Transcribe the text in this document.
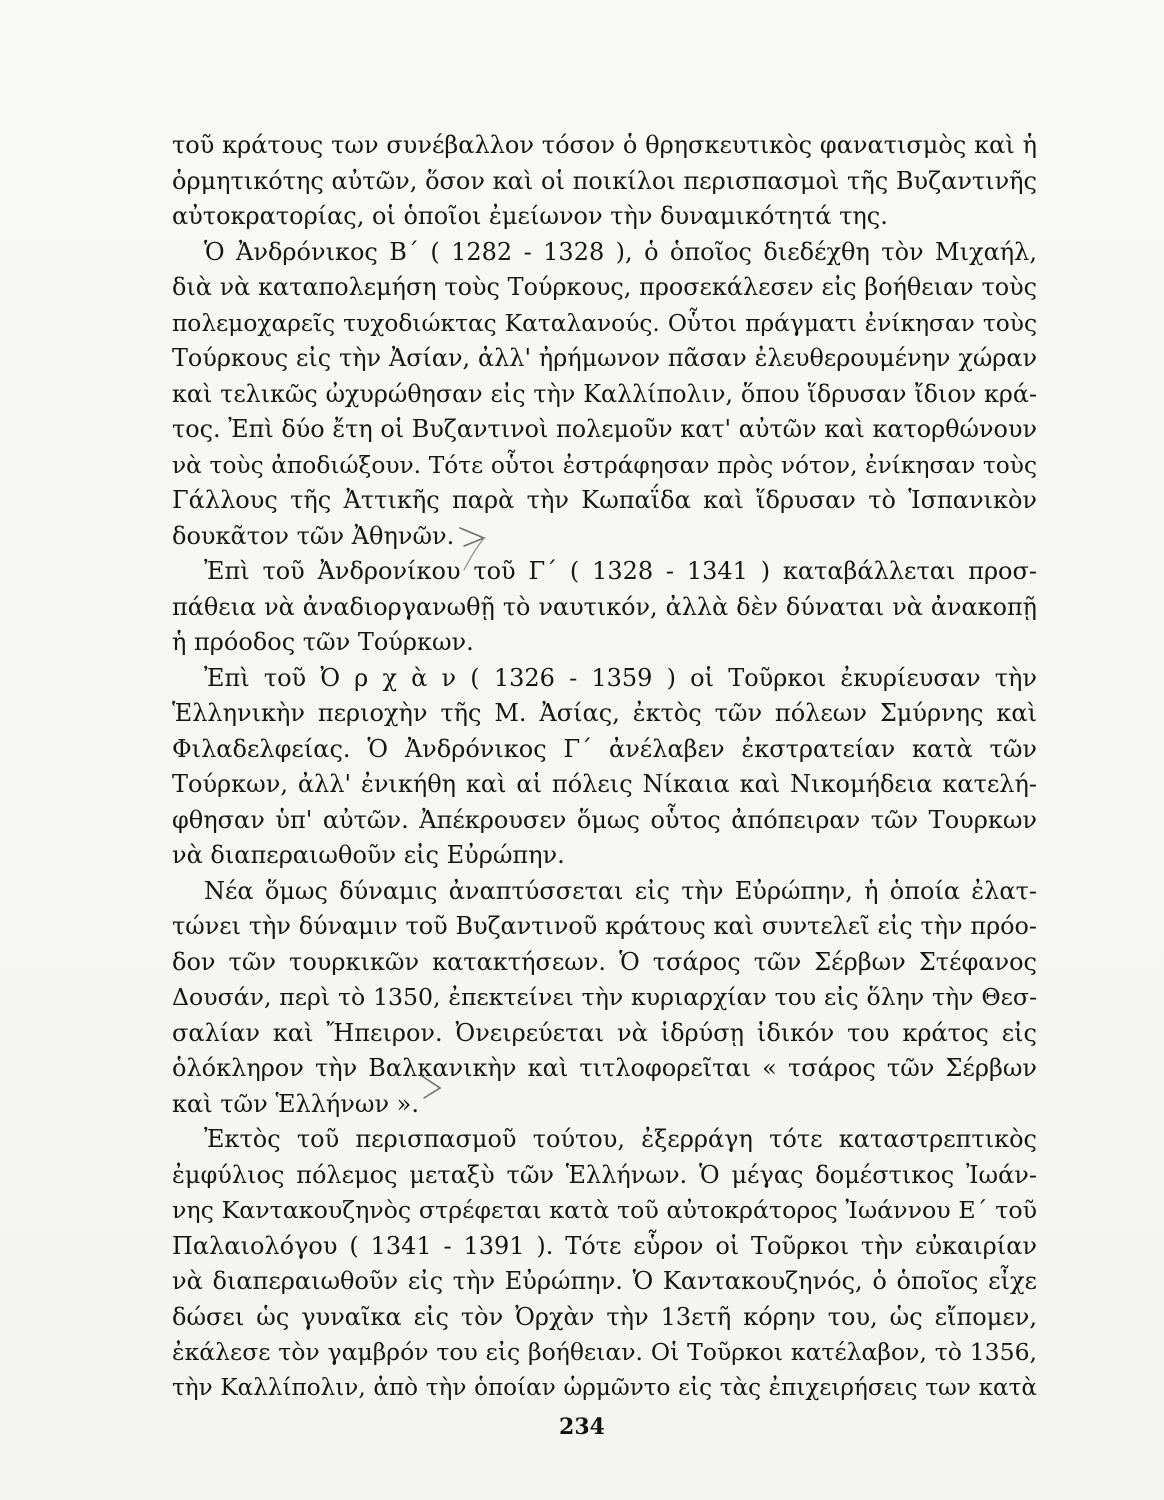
τοῦ κράτους των συνέβαλλον τόσον ὁ θρησκευτικὸς φανατισμὸς καὶ ἡ
ὁρμητικότης αὐτῶν, ὅσον καὶ οἱ ποικίλοι περισπασμοὶ τῆς Βυζαντινῆς
αὐτοκρατορίας, οἱ ὁποῖοι ἐμείωνον τὴν δυναμικότητά της.

Ὁ Ἀνδρόνικος Β΄ ( 1282 - 1328 ), ὁ ὁποῖος διεδέχθη τὸν Μιχαήλ,
διὰ νὰ καταπολεμήση τοὺς Τούρκους, προσεκάλεσεν εἰς βοήθειαν τοὺς
πολεμοχαρεῖς τυχοδιώκτας Καταλανούς. Οὗτοι πράγματι ἐνίκησαν τοὺς
Τούρκους εἰς τὴν Ἀσίαν, ἀλλ' ἠρήμωνον πᾶσαν ἐλευθερουμένην χώραν
καὶ τελικῶς ὠχυρώθησαν εἰς τὴν Καλλίπολιν, ὅπου ἵδρυσαν ἴδιον κρά-
τος. Ἐπὶ δύο ἔτη οἱ Βυζαντινοὶ πολεμοῦν κατ' αὐτῶν καὶ κατορθώνουν
νὰ τοὺς ἀποδιώξουν. Τότε οὗτοι ἐστράφησαν πρὸς νότον, ἐνίκησαν τοὺς
Γάλλους τῆς Ἀττικῆς παρὰ τὴν Κωπαΐδα καὶ ἵδρυσαν τὸ Ἱσπανικὸν
δουκᾶτον τῶν Ἀθηνῶν.

Ἐπὶ τοῦ Ἀνδρονίκου τοῦ Γ΄ ( 1328 - 1341 ) καταβάλλεται προσ-
πάθεια νὰ ἀναδιοργανωθῇ τὸ ναυτικόν, ἀλλὰ δὲν δύναται νὰ ἀνακοπῇ
ἡ πρόοδος τῶν Τούρκων.

Ἐπὶ τοῦ Ὀ ρ χ ὰ ν ( 1326 - 1359 ) οἱ Τοῦρκοι ἐκυρίευσαν τὴν
Ἑλληνικὴν περιοχὴν τῆς Μ. Ἀσίας, ἐκτὸς τῶν πόλεων Σμύρνης καὶ
Φιλαδελφείας. Ὁ Ἀνδρόνικος Γ΄ ἀνέλαβεν ἐκστρατείαν κατὰ τῶν
Τούρκων, ἀλλ' ἐνικήθη καὶ αἱ πόλεις Νίκαια καὶ Νικομήδεια κατελή-
φθησαν ὑπ' αὐτῶν. Ἀπέκρουσεν ὅμως οὗτος ἀπόπειραν τῶν Τουρκων
νὰ διαπεραιωθοῦν εἰς Εὐρώπην.

Νέα ὅμως δύναμις ἀναπτύσσεται εἰς τὴν Εὐρώπην, ἡ ὁποία ἐλατ-
τώνει τὴν δύναμιν τοῦ Βυζαντινοῦ κράτους καὶ συντελεῖ εἰς τὴν πρόο-
δον τῶν τουρκικῶν κατακτήσεων. Ὁ τσάρος τῶν Σέρβων Στέφανος
Δουσάν, περὶ τὸ 1350, ἐπεκτείνει τὴν κυριαρχίαν του εἰς ὅλην τὴν Θεσ-
σαλίαν καὶ Ἤπειρον. Ὀνειρεύεται νὰ ἱδρύσῃ ἰδικόν του κράτος εἰς
ὁλόκληρον τὴν Βαλκανικὴν καὶ τιτλοφορεῖται « τσάρος τῶν Σέρβων
καὶ τῶν Ἑλλήνων ».

Ἐκτὸς τοῦ περισπασμοῦ τούτου, ἐξερράγη τότε καταστρεπτικὸς
ἐμφύλιος πόλεμος μεταξὺ τῶν Ἑλλήνων. Ὁ μέγας δομέστικος Ἰωάν-
νης Καντακουζηνὸς στρέφεται κατὰ τοῦ αὐτοκράτορος Ἰωάννου Ε΄ τοῦ
Παλαιολόγου ( 1341 - 1391 ). Τότε εὗρον οἱ Τοῦρκοι τὴν εὐκαιρίαν
νὰ διαπεραιωθοῦν εἰς τὴν Εὐρώπην. Ὁ Καντακουζηνός, ὁ ὁποῖος εἶχε
δώσει ὡς γυναῖκα εἰς τὸν Ὀρχὰν τὴν 13ετῆ κόρην του, ὡς εἴπομεν,
ἐκάλεσε τὸν γαμβρόν του εἰς βοήθειαν. Οἱ Τοῦρκοι κατέλαβον, τὸ 1356,
τὴν Καλλίπολιν, ἀπὸ τὴν ὁποίαν ὡρμῶντο εἰς τὰς ἐπιχειρήσεις των κατὰ

234
